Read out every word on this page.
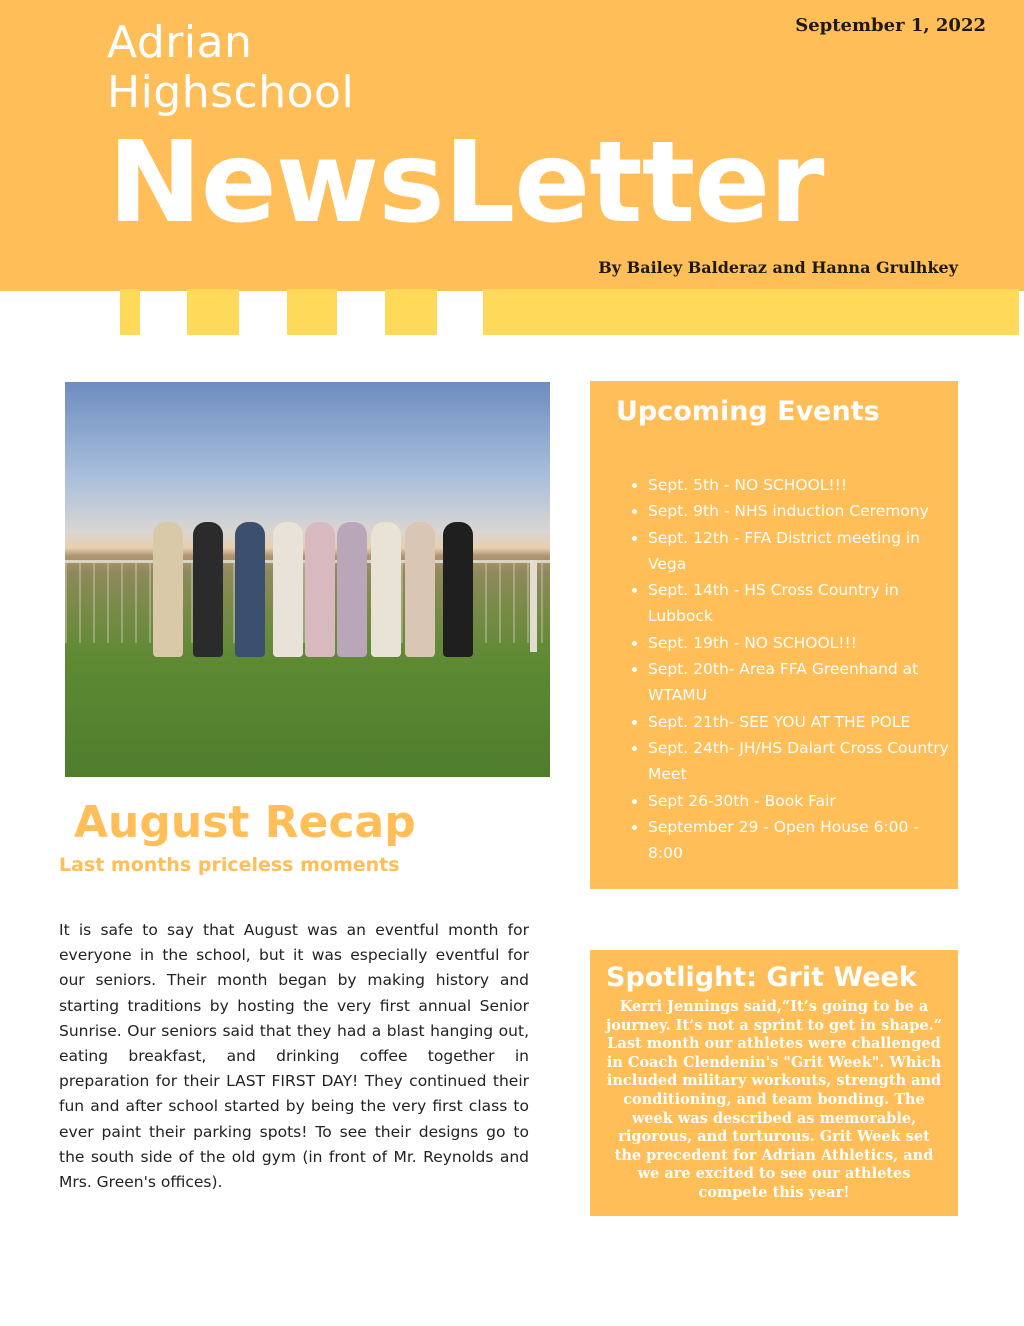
September 1, 2022
Adrian
Highschool
NewsLetter
By Bailey Balderaz and Hanna Grulhkey
August Recap
Last months priceless moments
It is safe to say that August was an eventful month for everyone in the school, but it was especially eventful for our seniors. Their month began by making history and starting traditions by hosting the very first annual Senior Sunrise. Our seniors said that they had a blast hanging out, eating breakfast, and drinking coffee together in preparation for their LAST FIRST DAY! They continued their fun and after school started by being the very first class to ever paint their parking spots! To see their designs go to the south side of the old gym (in front of Mr. Reynolds and Mrs. Green's offices).
Upcoming Events
• Sept. 5th - NO SCHOOL!!!
• Sept. 9th - NHS induction Ceremony
• Sept. 12th - FFA District meeting in Vega
• Sept. 14th - HS Cross Country in Lubbock
• Sept. 19th - NO SCHOOL!!!
• Sept. 20th- Area FFA Greenhand at WTAMU
• Sept. 21th- SEE YOU AT THE POLE
• Sept. 24th- JH/HS Dalart Cross Country Meet
• Sept 26-30th - Book Fair
• September 29 - Open House 6:00 - 8:00
Spotlight: Grit Week

Kerri Jennings said,“It’s going to be a journey. It’s not a sprint to get in shape.” Last month our athletes were challenged in Coach Clendenin's "Grit Week". Which included military workouts, strength and conditioning, and team bonding. The week was described as memorable, rigorous, and torturous. Grit Week set the precedent for Adrian Athletics, and we are excited to see our athletes compete this year!
